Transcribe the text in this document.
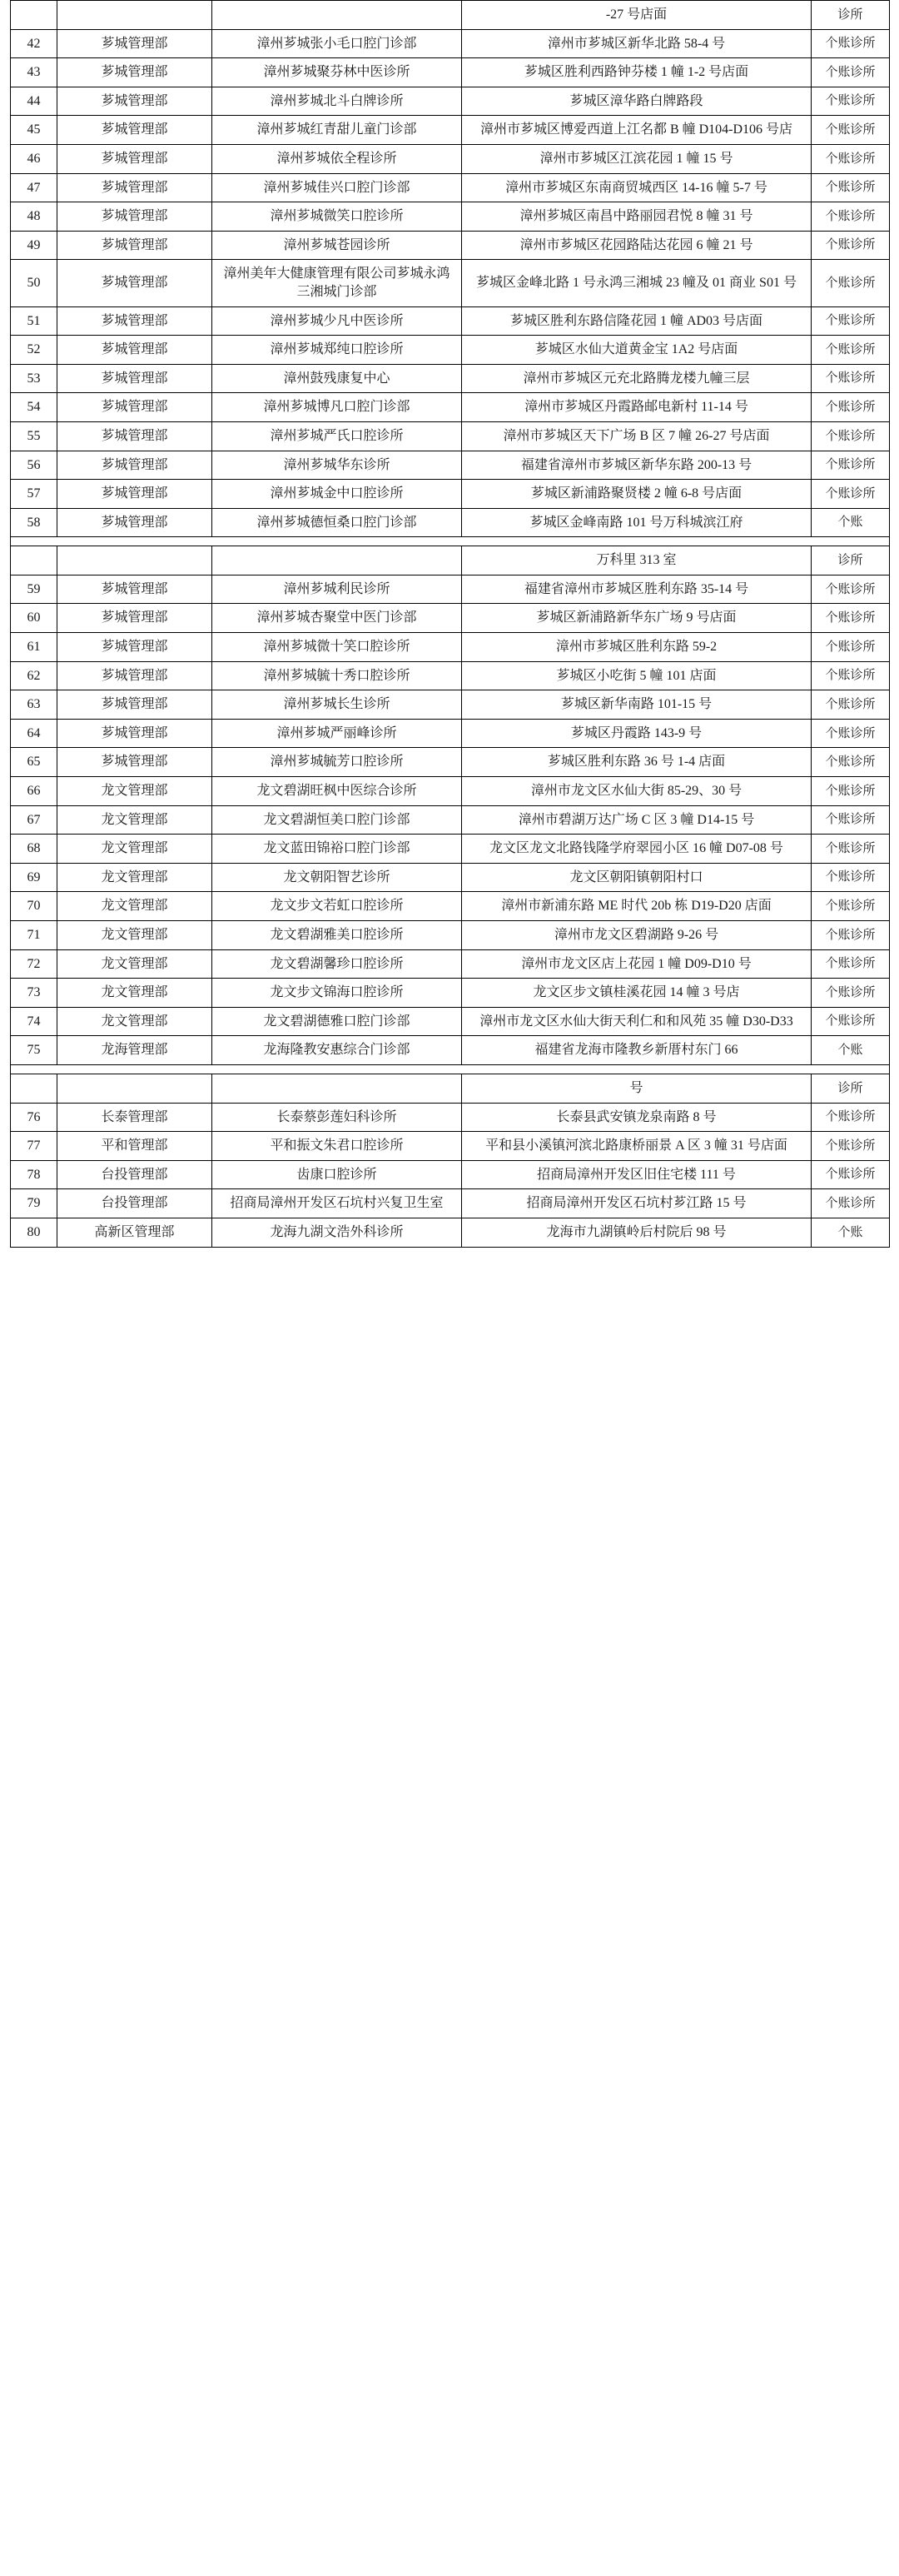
			-27 号店面	诊所
42	芗城管理部	漳州芗城张小毛口腔门诊部	漳州市芗城区新华北路 58-4 号	个账诊所
43	芗城管理部	漳州芗城聚芬林中医诊所	芗城区胜利西路钟芬楼 1 幢 1-2 号店面	个账诊所
44	芗城管理部	漳州芗城北斗白牌诊所	芗城区漳华路白牌路段	个账诊所
45	芗城管理部	漳州芗城红青甜儿童门诊部	漳州市芗城区博爱西道上江名都 B 幢 D104-D106 号店	个账诊所
46	芗城管理部	漳州芗城依全程诊所	漳州市芗城区江滨花园 1 幢 15 号	个账诊所
47	芗城管理部	漳州芗城佳兴口腔门诊部	漳州市芗城区东南商贸城西区 14-16 幢 5-7 号	个账诊所
48	芗城管理部	漳州芗城微笑口腔诊所	漳州芗城区南昌中路丽园君悦 8 幢 31 号	个账诊所
49	芗城管理部	漳州芗城苍园诊所	漳州市芗城区花园路陆达花园 6 幢 21 号	个账诊所
50	芗城管理部	漳州美年大健康管理有限公司芗城永鸿三湘城门诊部	芗城区金峰北路 1 号永鸿三湘城 23 幢及 01 商业 S01 号	个账诊所
51	芗城管理部	漳州芗城少凡中医诊所	芗城区胜利东路信隆花园 1 幢 AD03 号店面	个账诊所
52	芗城管理部	漳州芗城郑纯口腔诊所	芗城区水仙大道黄金宝 1A2 号店面	个账诊所
53	芗城管理部	漳州鼓残康复中心	漳州市芗城区元充北路腾龙楼九幢三层	个账诊所
54	芗城管理部	漳州芗城博凡口腔门诊部	漳州市芗城区丹霞路邮电新村 11-14 号	个账诊所
55	芗城管理部	漳州芗城严氏口腔诊所	漳州市芗城区天下广场 B 区 7 幢 26-27 号店面	个账诊所
56	芗城管理部	漳州芗城华东诊所	福建省漳州市芗城区新华东路 200-13 号	个账诊所
57	芗城管理部	漳州芗城金中口腔诊所	芗城区新浦路聚贤楼 2 幢 6-8 号店面	个账诊所
58	芗城管理部	漳州芗城德恒桑口腔门诊部	芗城区金峰南路 101 号万科城滨江府	个账

			万科里 313 室	诊所
59	芗城管理部	漳州芗城利民诊所	福建省漳州市芗城区胜利东路 35-14 号	个账诊所
60	芗城管理部	漳州芗城杏聚堂中医门诊部	芗城区新浦路新华东广场 9 号店面	个账诊所
61	芗城管理部	漳州芗城微十笑口腔诊所	漳州市芗城区胜利东路 59-2	个账诊所
62	芗城管理部	漳州芗城毓十秀口腔诊所	芗城区小吃街 5 幢 101 店面	个账诊所
63	芗城管理部	漳州芗城长生诊所	芗城区新华南路 101-15 号	个账诊所
64	芗城管理部	漳州芗城严丽峰诊所	芗城区丹霞路 143-9 号	个账诊所
65	芗城管理部	漳州芗城毓芳口腔诊所	芗城区胜利东路 36 号 1-4 店面	个账诊所
66	龙文管理部	龙文碧湖旺枫中医综合诊所	漳州市龙文区水仙大街 85-29、30 号	个账诊所
67	龙文管理部	龙文碧湖恒美口腔门诊部	漳州市碧湖万达广场 C 区 3 幢 D14-15 号	个账诊所
68	龙文管理部	龙文蓝田锦裕口腔门诊部	龙文区龙文北路钱隆学府翠园小区 16 幢 D07-08 号	个账诊所
69	龙文管理部	龙文朝阳智艺诊所	龙文区朝阳镇朝阳村口	个账诊所
70	龙文管理部	龙文步文若虹口腔诊所	漳州市新浦东路 ME 时代 20b 栋 D19-D20 店面	个账诊所
71	龙文管理部	龙文碧湖雅美口腔诊所	漳州市龙文区碧湖路 9-26 号	个账诊所
72	龙文管理部	龙文碧湖馨珍口腔诊所	漳州市龙文区店上花园 1 幢 D09-D10 号	个账诊所
73	龙文管理部	龙文步文锦海口腔诊所	龙文区步文镇桂溪花园 14 幢 3 号店	个账诊所
74	龙文管理部	龙文碧湖德雅口腔门诊部	漳州市龙文区水仙大街天利仁和和风苑 35 幢 D30-D33	个账诊所
75	龙海管理部	龙海隆教安惠综合门诊部	福建省龙海市隆教乡新厝村东门 66	个账

			号	诊所
76	长泰管理部	长泰蔡彭莲妇科诊所	长泰县武安镇龙泉南路 8 号	个账诊所
77	平和管理部	平和振文朱君口腔诊所	平和县小溪镇河滨北路康桥丽景 A 区 3 幢 31 号店面	个账诊所
78	台投管理部	齿康口腔诊所	招商局漳州开发区旧住宅楼 111 号	个账诊所
79	台投管理部	招商局漳州开发区石坑村兴复卫生室	招商局漳州开发区石坑村芗江路 15 号	个账诊所
80	高新区管理部	龙海九湖文浩外科诊所	龙海市九湖镇岭后村院后 98 号	个账
